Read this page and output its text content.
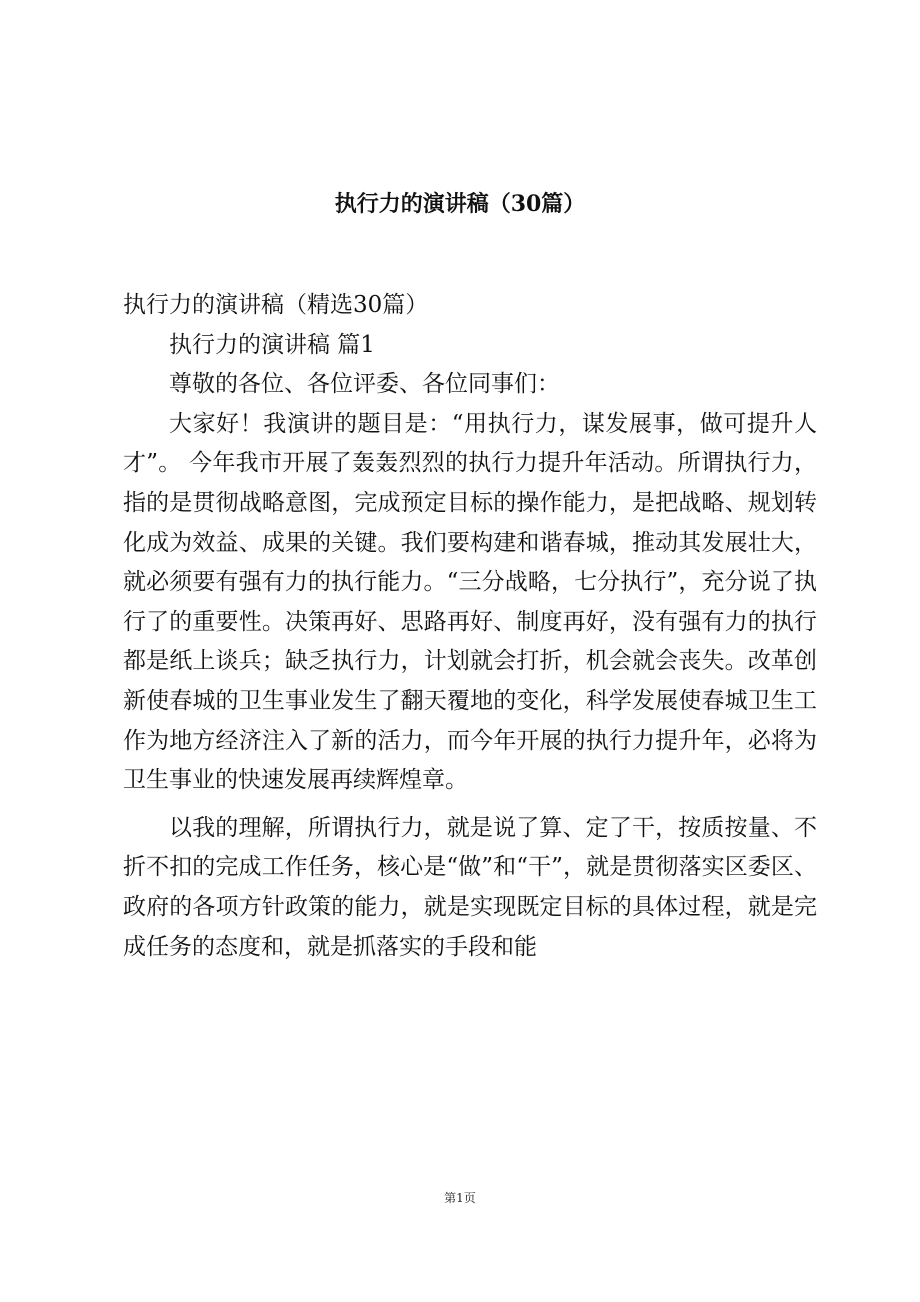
执行力的演讲稿（30篇）

执行力的演讲稿（精选30篇）

执行力的演讲稿 篇1

尊敬的各位、各位评委、各位同事们：

大家好！我演讲的题目是：“用执行力，谋发展事，做可提升人才”。 今年我市开展了轰轰烈烈的执行力提升年活动。所谓执行力，指的是贯彻战略意图，完成预定目标的操作能力，是把战略、规划转化成为效益、成果的关键。我们要构建和谐春城，推动其发展壮大，就必须要有强有力的执行能力。“三分战略，七分执行”，充分说了执行了的重要性。决策再好、思路再好、制度再好，没有强有力的执行都是纸上谈兵；缺乏执行力，计划就会打折，机会就会丧失。改革创新使春城的卫生事业发生了翻天覆地的变化，科学发展使春城卫生工作为地方经济注入了新的活力，而今年开展的执行力提升年，必将为卫生事业的快速发展再续辉煌章。

以我的理解，所谓执行力，就是说了算、定了干，按质按量、不折不扣的完成工作任务，核心是“做”和“干”，就是贯彻落实区委区、政府的各项方针政策的能力，就是实现既定目标的具体过程，就是完成任务的态度和，就是抓落实的手段和能

第1页
